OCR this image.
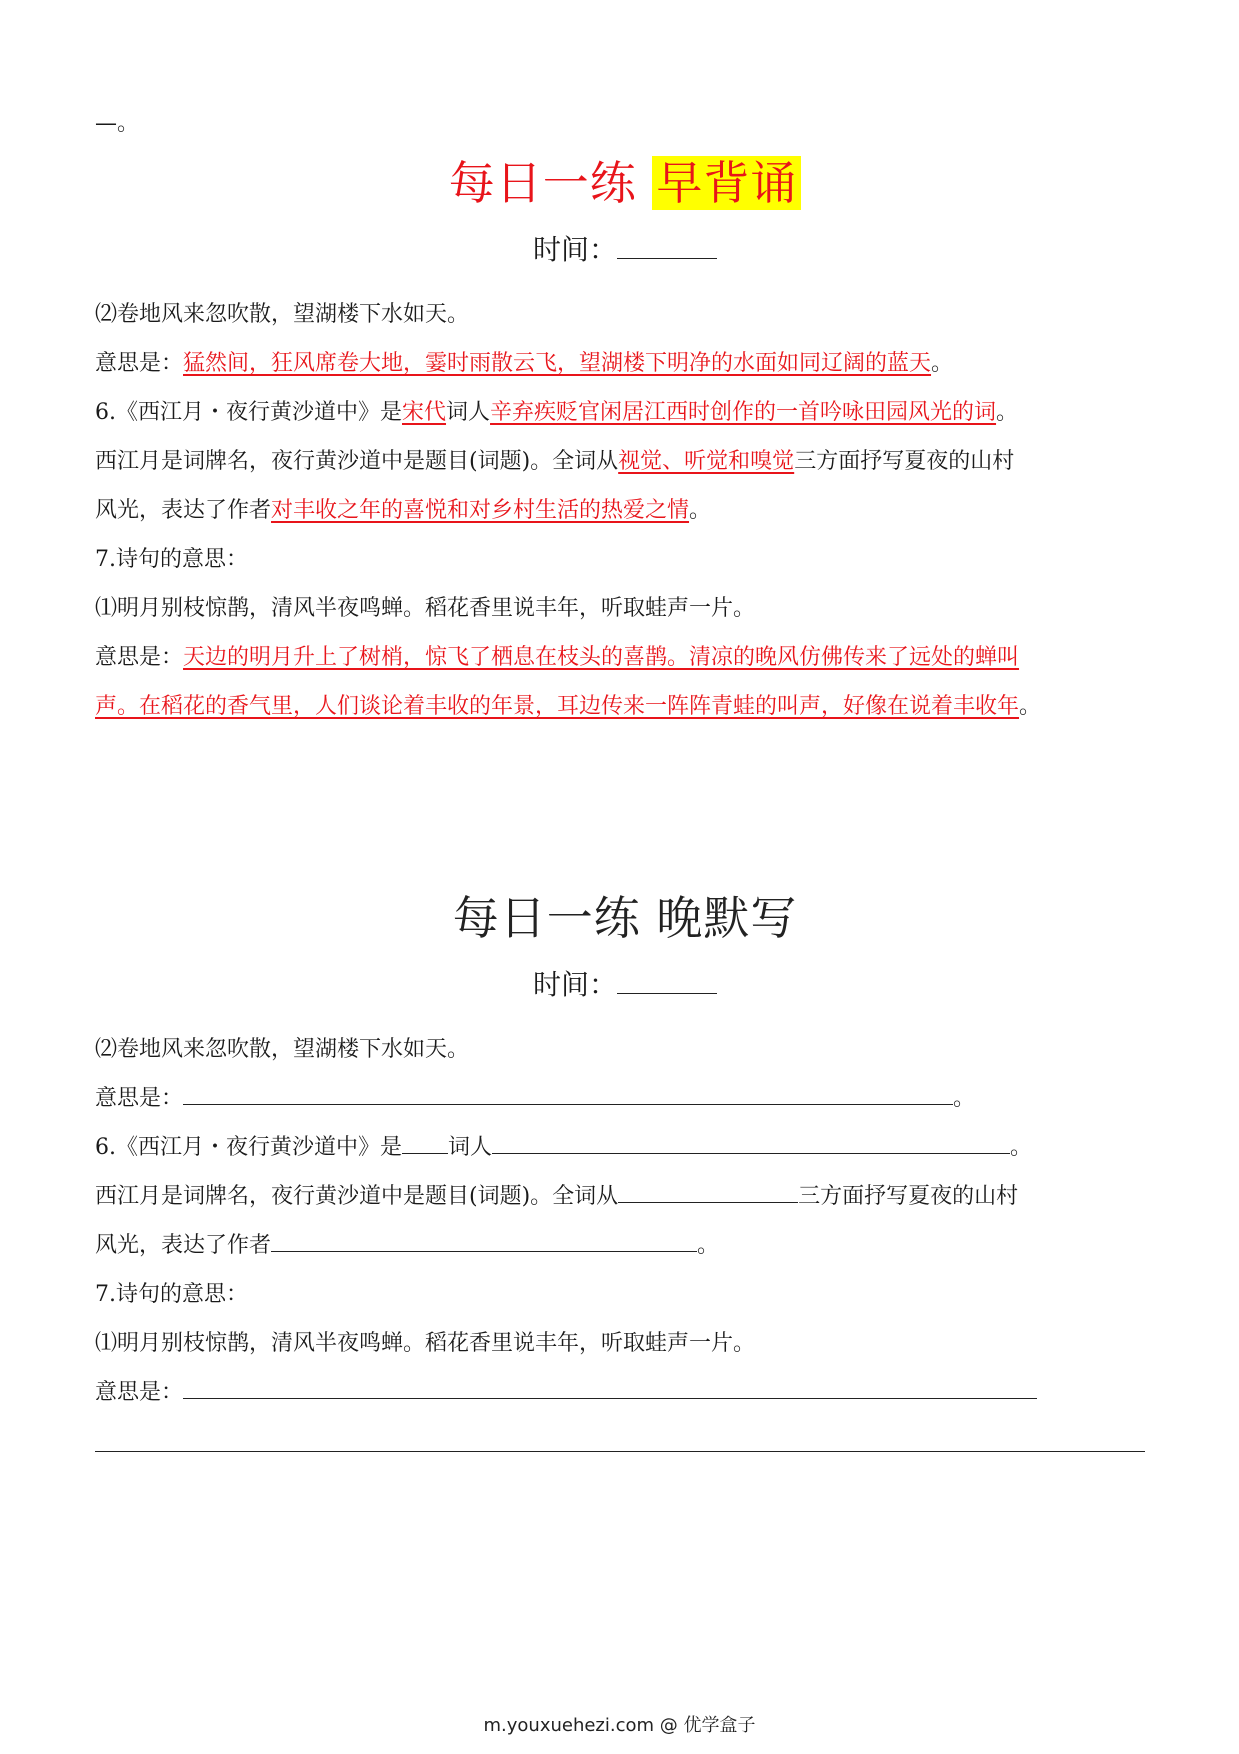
—。
每日一练 早背诵
时间：
⑵卷地风来忽吹散，望湖楼下水如天。
意思是：猛然间，狂风席卷大地，霎时雨散云飞，望湖楼下明净的水面如同辽阔的蓝天。
6.《西江月・夜行黄沙道中》是宋代词人辛弃疾贬官闲居江西时创作的一首吟咏田园风光的词。
西江月是词牌名，夜行黄沙道中是题目(词题)。全词从视觉、听觉和嗅觉三方面抒写夏夜的山村
风光，表达了作者对丰收之年的喜悦和对乡村生活的热爱之情。
7.诗句的意思：
⑴明月别枝惊鹊，清风半夜鸣蝉。稻花香里说丰年，听取蛙声一片。
意思是：天边的明月升上了树梢，惊飞了栖息在枝头的喜鹊。清凉的晚风仿佛传来了远处的蝉叫
声。在稻花的香气里，人们谈论着丰收的年景，耳边传来一阵阵青蛙的叫声，好像在说着丰收年。
每日一练 晚默写
时间：
⑵卷地风来忽吹散，望湖楼下水如天。
意思是：	。
6.《西江月・夜行黄沙道中》是 词人	。
西江月是词牌名，夜行黄沙道中是题目(词题)。全词从	三方面抒写夏夜的山村
风光，表达了作者	。
7.诗句的意思：
⑴明月别枝惊鹊，清风半夜鸣蝉。稻花香里说丰年，听取蛙声一片。
意思是：
m.youxuehezi.com @ 优学盒子
